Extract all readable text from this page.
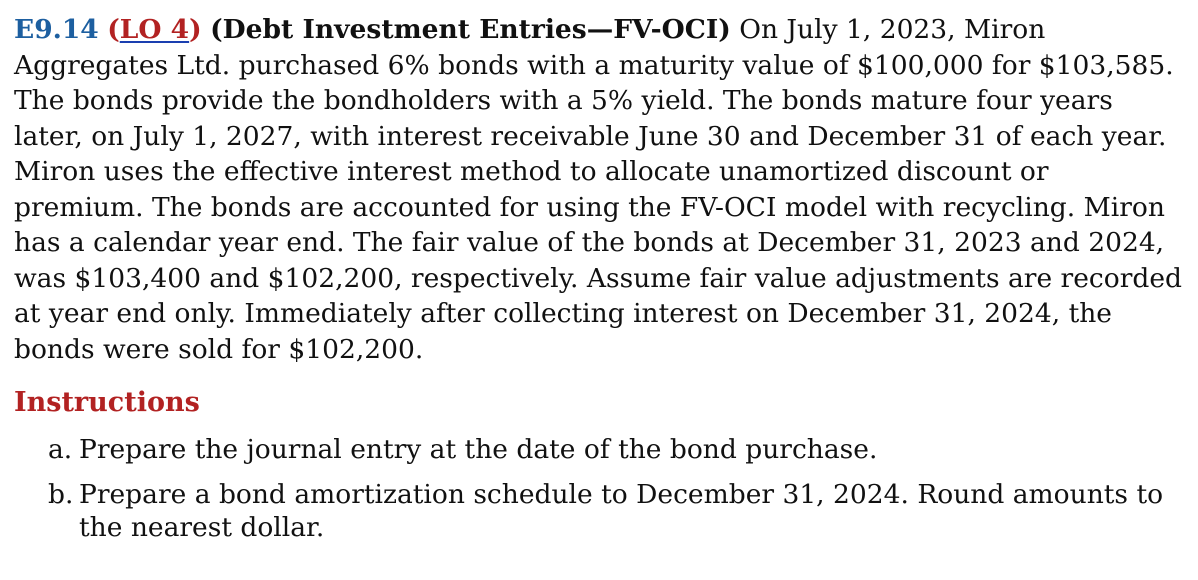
E9.14 (LO 4) (Debt Investment Entries—FV-OCI) On July 1, 2023, Miron Aggregates Ltd. purchased 6% bonds with a maturity value of $100,000 for $103,585. The bonds provide the bondholders with a 5% yield. The bonds mature four years later, on July 1, 2027, with interest receivable June 30 and December 31 of each year. Miron uses the effective interest method to allocate unamortized discount or premium. The bonds are accounted for using the FV-OCI model with recycling. Miron has a calendar year end. The fair value of the bonds at December 31, 2023 and 2024, was $103,400 and $102,200, respectively. Assume fair value adjustments are recorded at year end only. Immediately after collecting interest on December 31, 2024, the bonds were sold for $102,200.

Instructions
a. Prepare the journal entry at the date of the bond purchase.
b. Prepare a bond amortization schedule to December 31, 2024. Round amounts to the nearest dollar.
